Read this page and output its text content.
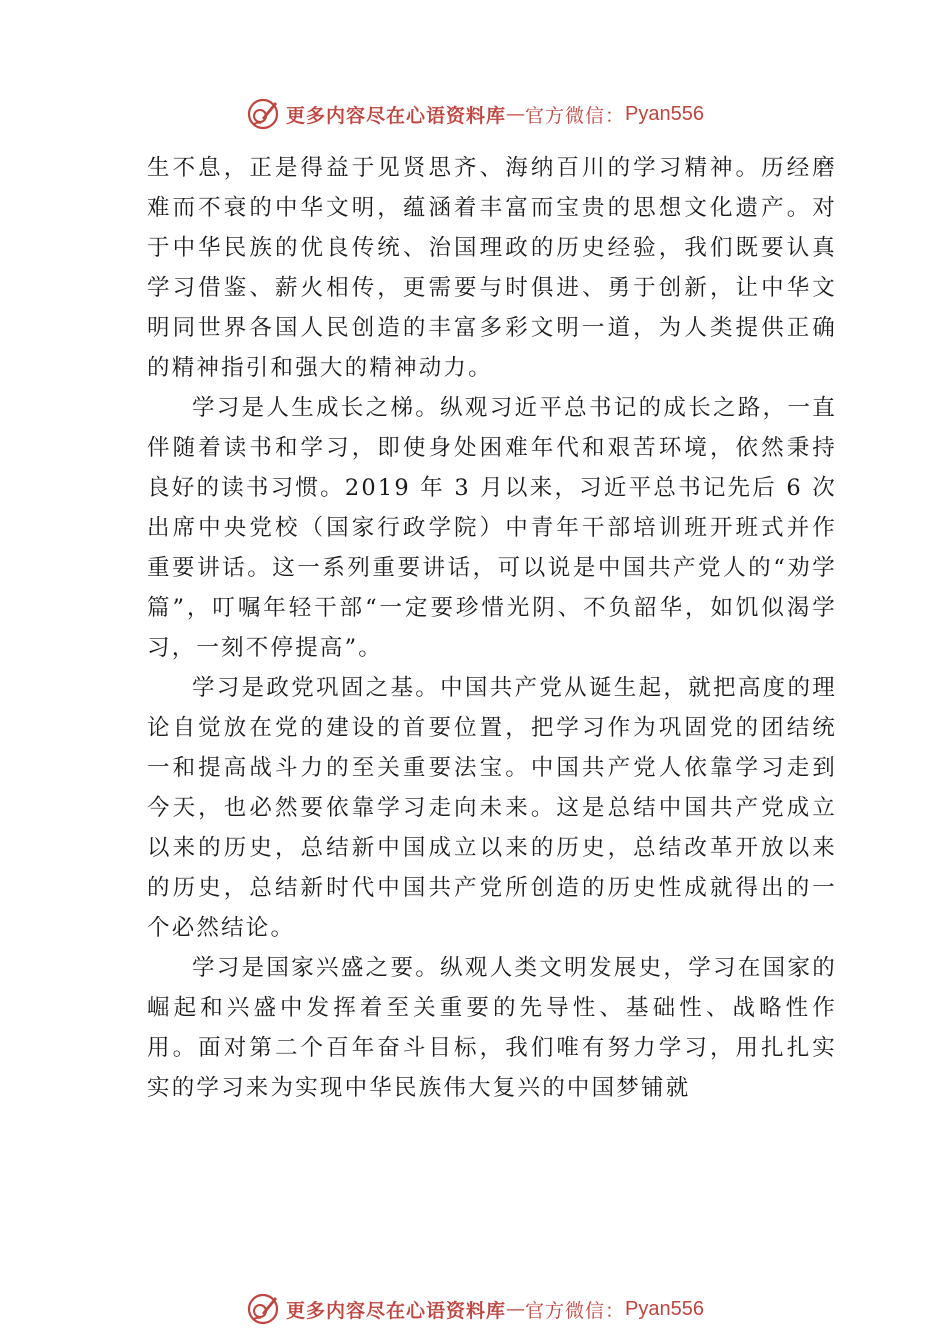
更多内容尽在心语资料库 — 官方微信： Pyan556

生不息，正是得益于见贤思齐、海纳百川的学习精神。历经磨难而不衰的中华文明，蕴涵着丰富而宝贵的思想文化遗产。对于中华民族的优良传统、治国理政的历史经验，我们既要认真学习借鉴、薪火相传，更需要与时俱进、勇于创新，让中华文明同世界各国人民创造的丰富多彩文明一道，为人类提供正确的精神指引和强大的精神动力。

学习是人生成长之梯。纵观习近平总书记的成长之路，一直伴随着读书和学习，即使身处困难年代和艰苦环境，依然秉持良好的读书习惯。2019 年 3 月以来，习近平总书记先后 6 次出席中央党校（国家行政学院）中青年干部培训班开班式并作重要讲话。这一系列重要讲话，可以说是中国共产党人的“劝学篇”，叮嘱年轻干部“一定要珍惜光阴、不负韶华，如饥似渴学习，一刻不停提高”。

学习是政党巩固之基。中国共产党从诞生起，就把高度的理论自觉放在党的建设的首要位置，把学习作为巩固党的团结统一和提高战斗力的至关重要法宝。中国共产党人依靠学习走到今天，也必然要依靠学习走向未来。这是总结中国共产党成立以来的历史，总结新中国成立以来的历史，总结改革开放以来的历史，总结新时代中国共产党所创造的历史性成就得出的一个必然结论。

学习是国家兴盛之要。纵观人类文明发展史，学习在国家的崛起和兴盛中发挥着至关重要的先导性、基础性、战略性作用。面对第二个百年奋斗目标，我们唯有努力学习，用扎扎实实的学习来为实现中华民族伟大复兴的中国梦铺就

更多内容尽在心语资料库 — 官方微信： Pyan556
